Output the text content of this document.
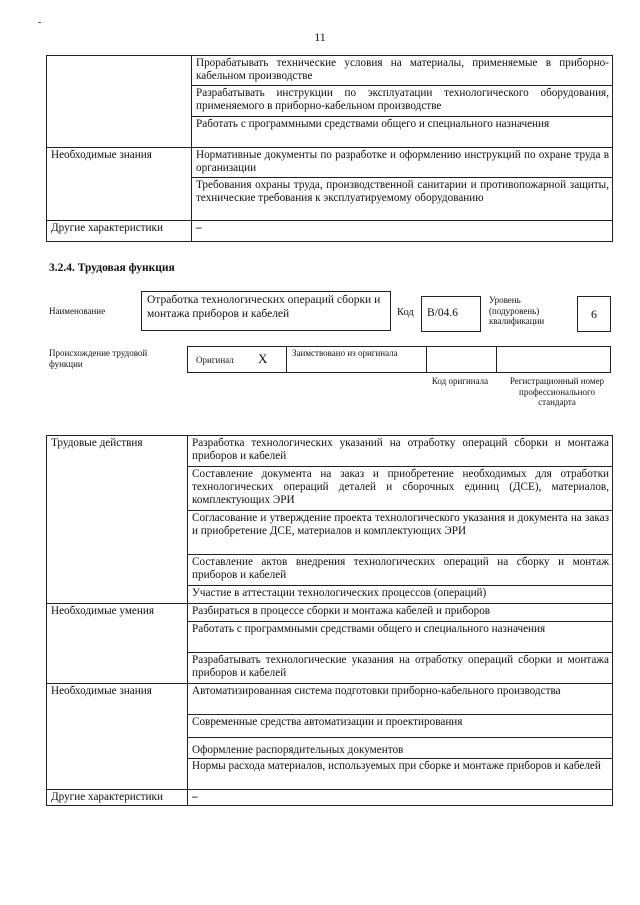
-
11
	Прорабатывать технические условия на материалы, применяемые в приборно-кабельном производстве
	Разрабатывать инструкции по эксплуатации технологического оборудования, применяемого в приборно-кабельном производстве
	Работать с программными средствами общего и специального назначения
Необходимые знания	Нормативные документы по разработке и оформлению инструкций по охране труда в организации
	Требования охраны труда, производственной санитарии и противопожарной защиты, технические требования к эксплуатируемому оборудованию
Другие характеристики	–
3.2.4. Трудовая функция
Наименование
Отработка технологических операций сборки и монтажа приборов и кабелей	Код	В/04.6
Уровень (подуровень) квалификации	6
Происхождение трудовой функции	Оригинал X	Заимствовано из оригинала
Код оригинала	Регистрационный номер профессионального стандарта
Трудовые действия	Разработка технологических указаний на отработку операций сборки и монтажа приборов и кабелей
	Составление документа на заказ и приобретение необходимых для отработки технологических операций деталей и сборочных единиц (ДСЕ), материалов, комплектующих ЭРИ
	Согласование и утверждение проекта технологического указания и документа на заказ и приобретение ДСЕ, материалов и комплектующих ЭРИ
	Составление актов внедрения технологических операций на сборку и монтаж приборов и кабелей
	Участие в аттестации технологических процессов (операций)
Необходимые умения	Разбираться в процессе сборки и монтажа кабелей и приборов
	Работать с программными средствами общего и специального назначения
	Разрабатывать технологические указания на отработку операций сборки и монтажа приборов и кабелей
Необходимые знания	Автоматизированная система подготовки приборно-кабельного производства
	Современные средства автоматизации и проектирования
	Оформление распорядительных документов
	Нормы расхода материалов, используемых при сборке и монтаже приборов и кабелей
Другие характеристики	–
